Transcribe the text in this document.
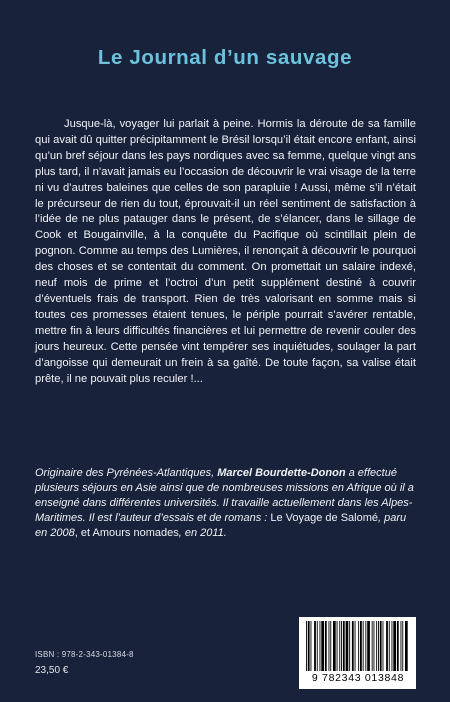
Le Journal d’un sauvage
Jusque-là, voyager lui parlait à peine. Hormis la déroute de sa famille qui avait dû quitter précipitamment le Brésil lorsqu’il était encore enfant, ainsi qu’un bref séjour dans les pays nordiques avec sa femme, quelque vingt ans plus tard, il n’avait jamais eu l’occasion de découvrir le vrai visage de la terre ni vu d’autres baleines que celles de son parapluie ! Aussi, même s’il n’était le précurseur de rien du tout, éprouvait-il un réel sentiment de satisfaction à l’idée de ne plus patauger dans le présent, de s’élancer, dans le sillage de Cook et Bougainville, à la conquête du Pacifique où scintillait plein de pognon. Comme au temps des Lumières, il renonçait à découvrir le pourquoi des choses et se contentait du comment. On promettait un salaire indexé, neuf mois de prime et l’octroi d’un petit supplément destiné à couvrir d’éventuels frais de transport. Rien de très valorisant en somme mais si toutes ces promesses étaient tenues, le périple pourrait s’avérer rentable, mettre fin à leurs difficultés financières et lui permettre de revenir couler des jours heureux. Cette pensée vint tempérer ses inquiétudes, soulager la part d’angoisse qui demeurait un frein à sa gaîté. De toute façon, sa valise était prête, il ne pouvait plus reculer !...
Originaire des Pyrénées-Atlantiques, Marcel Bourdette-Donon a effectué plusieurs séjours en Asie ainsi que de nombreuses missions en Afrique où il a enseigné dans différentes universités. Il travaille actuellement dans les Alpes-Maritimes. Il est l’auteur d’essais et de romans : Le Voyage de Salomé, paru en 2008, et Amours nomades, en 2011.
ISBN : 978-2-343-01384-8
23,50 €
9 782343 013848
